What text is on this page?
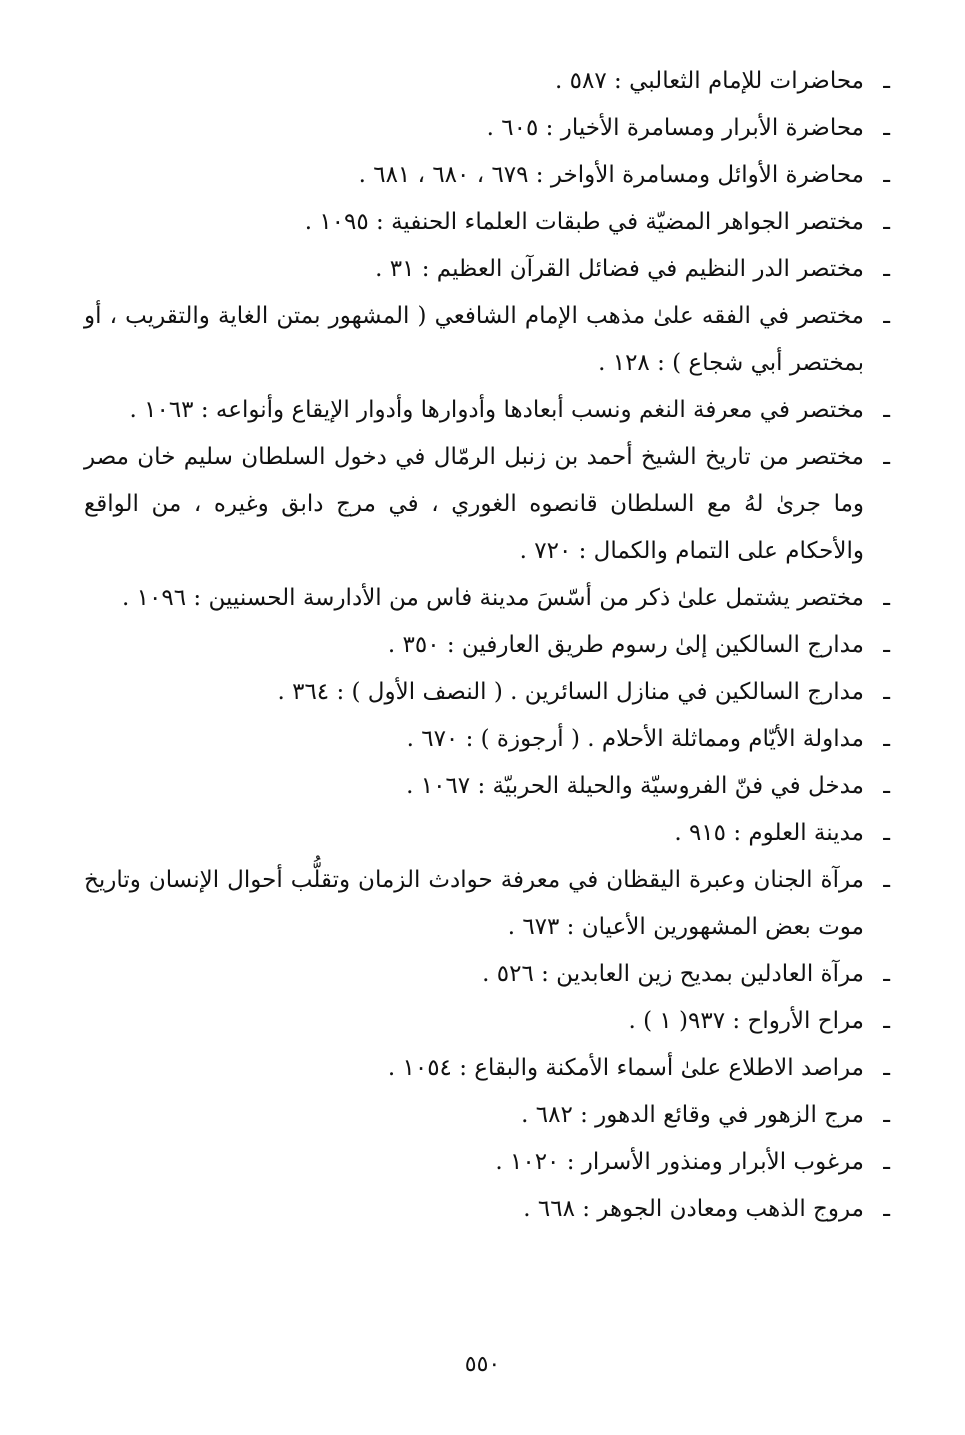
ـ
محاضرات للإمام الثعالبي : ٥٨٧ .
ـ
محاضرة الأبرار ومسامرة الأخيار : ٦٠٥ .
ـ
محاضرة الأوائل ومسامرة الأواخر : ٦٧٩ ، ٦٨٠ ، ٦٨١ .
ـ
مختصر الجواهر المضيّة في طبقات العلماء الحنفية : ١٠٩٥ .
ـ
مختصر الدر النظيم في فضائل القرآن العظيم : ٣١ .
ـ
مختصر في الفقه علىٰ مذهب الإمام الشافعي ( المشهور بمتن الغاية والتقريب ، أو بمختصر أبي شجاع ) : ١٢٨ .
ـ
مختصر في معرفة النغم ونسب أبعادها وأدوارها وأدوار الإيقاع وأنواعه : ١٠٦٣ .
ـ
مختصر من تاريخ الشيخ أحمد بن زنبل الرمّال في دخول السلطان سليم خان مصر وما جرىٰ لهُ مع السلطان قانصوه الغوري ، في مرج دابق وغيره ، من الواقع والأحكام على التمام والكمال : ٧٢٠ .
ـ
مختصر يشتمل علىٰ ذكر من أسّسَ مدينة فاس من الأدارسة الحسنيين : ١٠٩٦ .
ـ
مدارج السالكين إلىٰ رسوم طريق العارفين : ٣٥٠ .
ـ
مدارج السالكين في منازل السائرين . ( النصف الأول ) : ٣٦٤ .
ـ
مداولة الأيّام ومماثلة الأحلام . ( أرجوزة ) : ٦٧٠ .
ـ
مدخل في فنّ الفروسيّة والحيلة الحربيّة : ١٠٦٧ .
ـ
مدينة العلوم : ٩١٥ .
ـ
مرآة الجنان وعبرة اليقظان في معرفة حوادث الزمان وتقلُّب أحوال الإنسان وتاريخ موت بعض المشهورين الأعيان : ٦٧٣ .
ـ
مرآة العادلين بمديح زين العابدين : ٥٢٦ .
ـ
مراح الأرواح : ٩٣٧( ١ ) .
ـ
مراصد الاطلاع علىٰ أسماء الأمكنة والبقاع : ١٠٥٤ .
ـ
مرج الزهور في وقائع الدهور : ٦٨٢ .
ـ
مرغوب الأبرار ومنذور الأسرار : ١٠٢٠ .
ـ
مروج الذهب ومعادن الجوهر : ٦٦٨ .
٥٥٠
